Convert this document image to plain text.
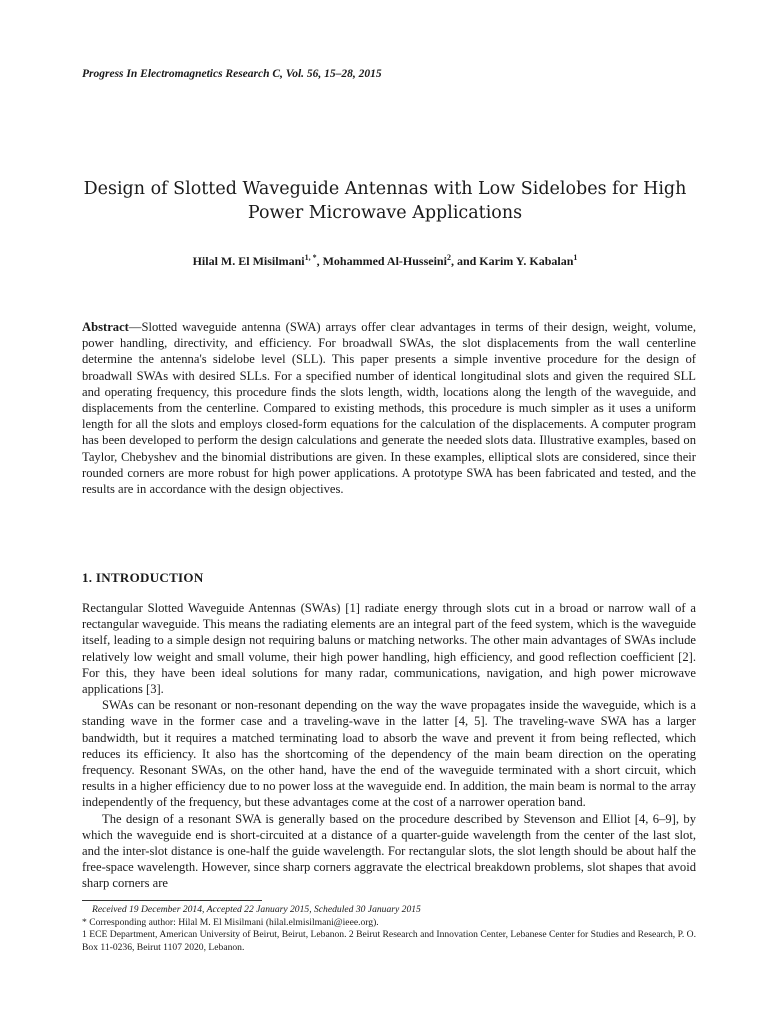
Progress In Electromagnetics Research C, Vol. 56, 15–28, 2015
Design of Slotted Waveguide Antennas with Low Sidelobes for High
Power Microwave Applications
Hilal M. El Misilmani$^{1, *}$, Mohammed Al-Husseini$^2$, and Karim Y. Kabalan$^1$
Abstract—Slotted waveguide antenna (SWA) arrays offer clear advantages in terms of their design, weight, volume, power handling, directivity, and efficiency. For broadwall SWAs, the slot displacements from the wall centerline determine the antenna's sidelobe level (SLL). This paper presents a simple inventive procedure for the design of broadwall SWAs with desired SLLs. For a specified number of identical longitudinal slots and given the required SLL and operating frequency, this procedure finds the slots length, width, locations along the length of the waveguide, and displacements from the centerline. Compared to existing methods, this procedure is much simpler as it uses a uniform length for all the slots and employs closed-form equations for the calculation of the displacements. A computer program has been developed to perform the design calculations and generate the needed slots data. Illustrative examples, based on Taylor, Chebyshev and the binomial distributions are given. In these examples, elliptical slots are considered, since their rounded corners are more robust for high power applications. A prototype SWA has been fabricated and tested, and the results are in accordance with the design objectives.
1. INTRODUCTION

Rectangular Slotted Waveguide Antennas (SWAs) [1] radiate energy through slots cut in a broad or narrow wall of a rectangular waveguide. This means the radiating elements are an integral part of the feed system, which is the waveguide itself, leading to a simple design not requiring baluns or matching networks. The other main advantages of SWAs include relatively low weight and small volume, their high power handling, high efficiency, and good reflection coefficient [2]. For this, they have been ideal solutions for many radar, communications, navigation, and high power microwave applications [3].

SWAs can be resonant or non-resonant depending on the way the wave propagates inside the waveguide, which is a standing wave in the former case and a traveling-wave in the latter [4, 5]. The traveling-wave SWA has a larger bandwidth, but it requires a matched terminating load to absorb the wave and prevent it from being reflected, which reduces its efficiency. It also has the shortcoming of the dependency of the main beam direction on the operating frequency. Resonant SWAs, on the other hand, have the end of the waveguide terminated with a short circuit, which results in a higher efficiency due to no power loss at the waveguide end. In addition, the main beam is normal to the array independently of the frequency, but these advantages come at the cost of a narrower operation band.

The design of a resonant SWA is generally based on the procedure described by Stevenson and Elliot [4, 6–9], by which the waveguide end is short-circuited at a distance of a quarter-guide wavelength from the center of the last slot, and the inter-slot distance is one-half the guide wavelength. For rectangular slots, the slot length should be about half the free-space wavelength. However, since sharp corners aggravate the electrical breakdown problems, slot shapes that avoid sharp corners are

Received 19 December 2014, Accepted 22 January 2015, Scheduled 30 January 2015
* Corresponding author: Hilal M. El Misilmani (hilal.elmisilmani@ieee.org).
1 ECE Department, American University of Beirut, Beirut, Lebanon. 2 Beirut Research and Innovation Center, Lebanese Center for Studies and Research, P. O. Box 11-0236, Beirut 1107 2020, Lebanon.
